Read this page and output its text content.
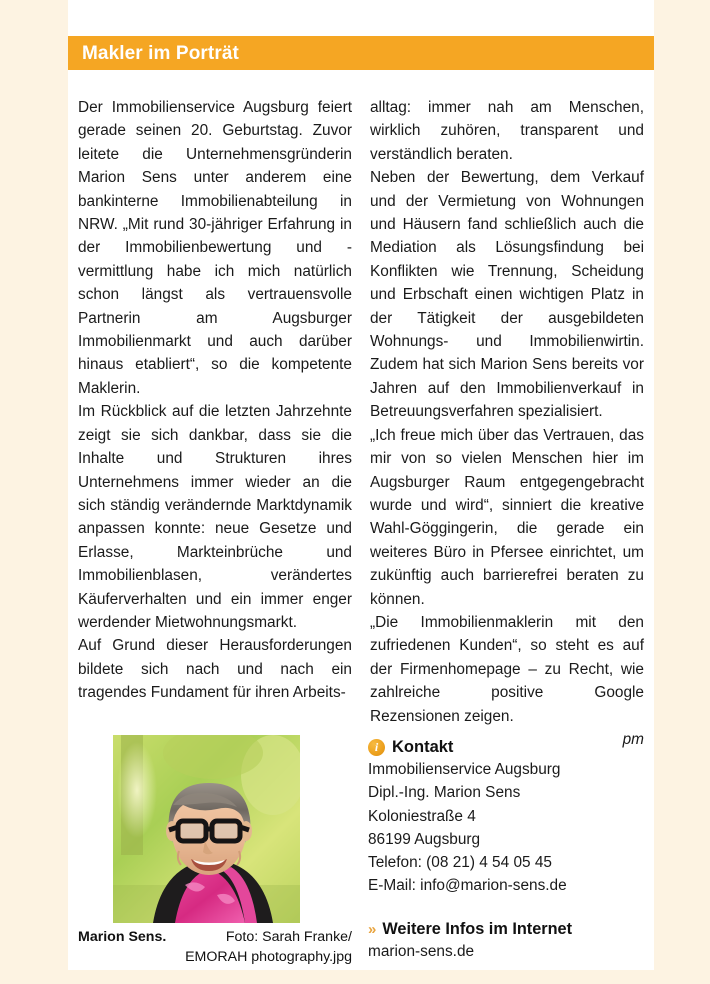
Makler im Porträt

Der Immobilienservice Augsburg feiert gerade seinen 20. Geburtstag. Zuvor leitete die Unternehmensgründerin Marion Sens unter anderem eine bankinterne Immobilienabteilung in NRW. „Mit rund 30-jähriger Erfahrung in der Immobilienbewertung und -vermittlung habe ich mich natürlich schon längst als vertrauensvolle Partnerin am Augsburger Immobilienmarkt und auch darüber hinaus etabliert“, so die kompetente Maklerin.

Im Rückblick auf die letzten Jahrzehnte zeigt sie sich dankbar, dass sie die Inhalte und Strukturen ihres Unternehmens immer wieder an die sich ständig verändernde Marktdynamik anpassen konnte: neue Gesetze und Erlasse, Markteinbrüche und Immobilienblasen, verändertes Käuferverhalten und ein immer enger werdender Mietwohnungsmarkt.

Auf Grund dieser Herausforderungen bildete sich nach und nach ein tragendes Fundament für ihren Arbeits-

alltag: immer nah am Menschen, wirklich zuhören, transparent und verständlich beraten.

Neben der Bewertung, dem Verkauf und der Vermietung von Wohnungen und Häusern fand schließlich auch die Mediation als Lösungsfindung bei Konflikten wie Trennung, Scheidung und Erbschaft einen wichtigen Platz in der Tätigkeit der ausgebildeten Wohnungs- und Immobilienwirtin. Zudem hat sich Marion Sens bereits vor Jahren auf den Immobilienverkauf in Betreuungsverfahren spezialisiert.

„Ich freue mich über das Vertrauen, das mir von so vielen Menschen hier im Augsburger Raum entgegengebracht wurde und wird“, sinniert die kreative Wahl-Göggingerin, die gerade ein weiteres Büro in Pfersee einrichtet, um zukünftig auch barrierefrei beraten zu können.

„Die Immobilienmaklerin mit den zufriedenen Kunden“, so steht es auf der Firmenhomepage – zu Recht, wie zahlreiche positive Google Rezensionen zeigen.
pm

Marion Sens.	Foto: Sarah Franke/
EMORAH photography.jpg
i Kontakt
Immobilienservice Augsburg
Dipl.-Ing. Marion Sens
Koloniestraße 4
86199 Augsburg
Telefon: (08 21) 4 54 05 45
E-Mail: info@marion-sens.de
» Weitere Infos im Internet
marion-sens.de
